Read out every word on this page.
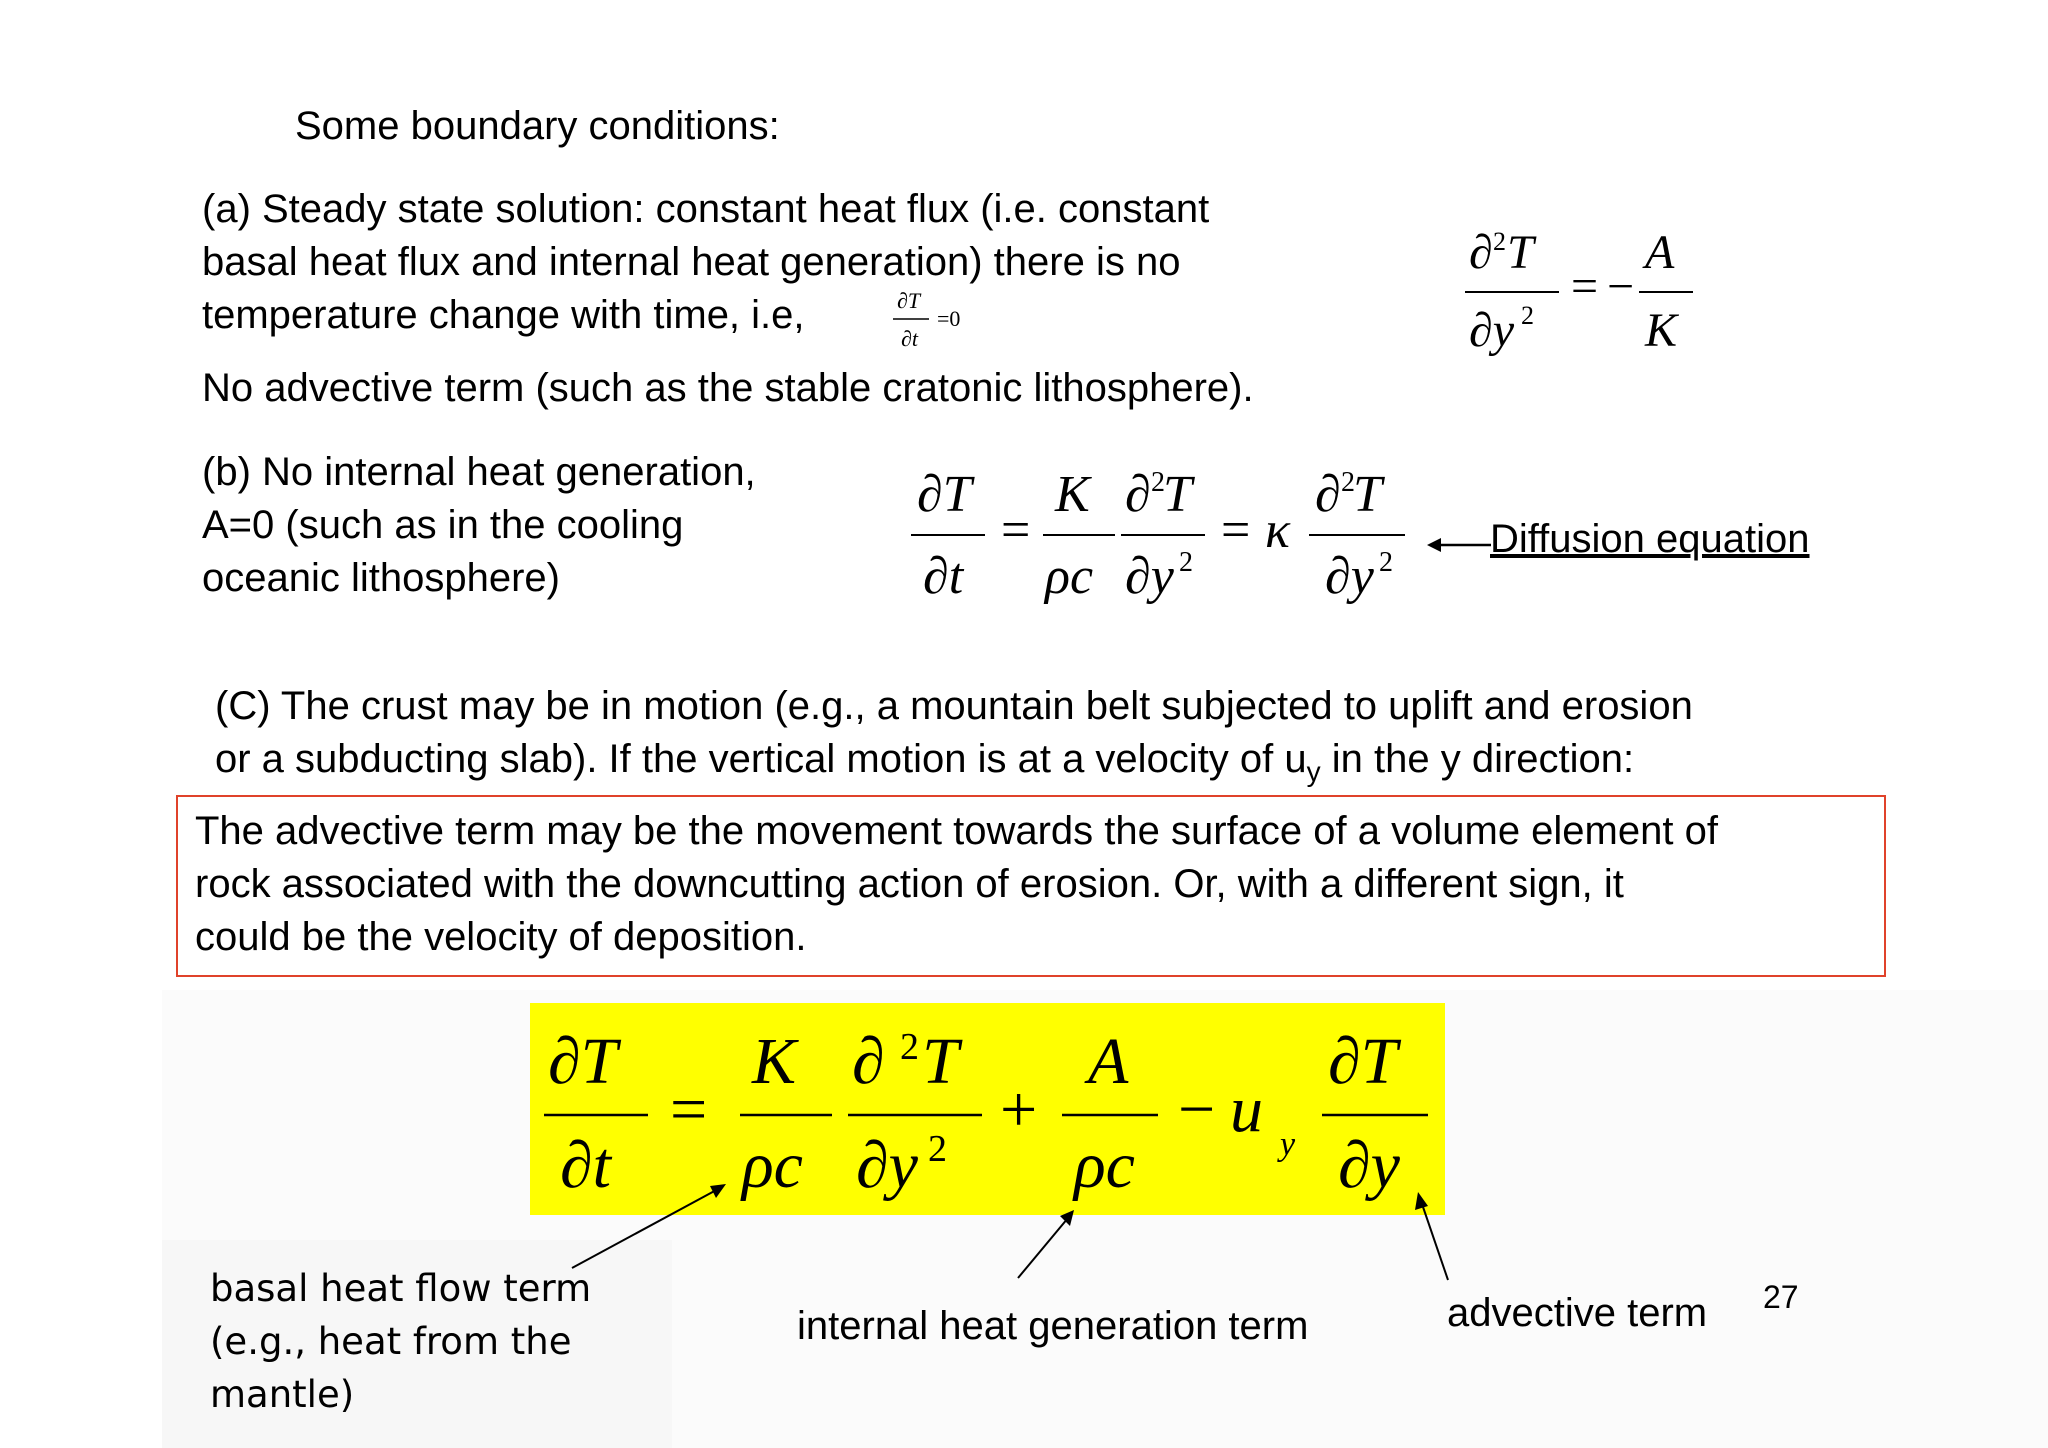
Some boundary conditions:
(a) Steady state solution: constant heat flux (i.e. constant
basal heat flux and internal heat generation) there is no
temperature change with time, i.e,	∂T
∂t
=0
No advective term (such as the stable cratonic lithosphere).
∂ 2 T
∂y 2
= −
A
K
(b) No internal heat generation,
A=0 (such as in the cooling
oceanic lithosphere)
∂T
∂t
=
K
ρc
∂ 2
T
∂y 2
= κ
∂ 2
T
∂y 2
Diffusion equation
(C) The crust may be in motion (e.g., a mountain belt subjected to uplift and erosion
or a subducting slab). If the vertical motion is at a velocity of $u_y$ in the y direction:
The advective term may be the movement towards the surface of a volume element of
rock associated with the downcutting action of erosion. Or, with a different sign, it
could be the velocity of deposition.
∂T
∂t
=
K
ρc
∂ 2 T
∂y 2
+
A
ρc
− u y
∂T
∂y
basal heat flow term
(e.g., heat from the
mantle)
internal heat generation term	advective term 27
